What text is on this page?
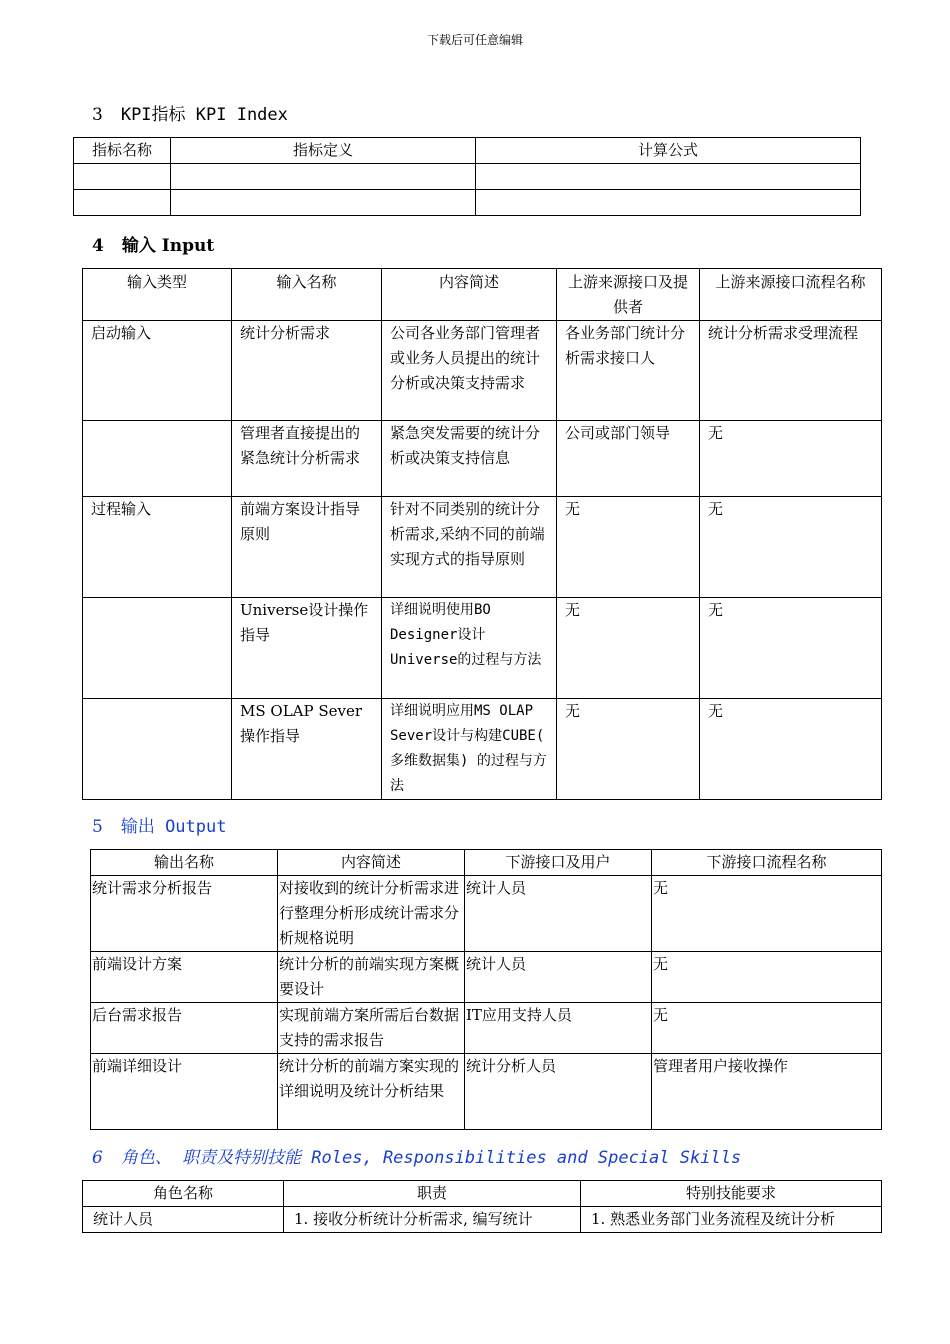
下载后可任意编辑
3 KPI指标 KPI Index
指标名称	指标定义	计算公式

4 输入 Input
输入类型	输入名称	内容简述	上游来源接口及提供者	上游来源接口流程名称
启动输入	统计分析需求	公司各业务部门管理者或业务人员提出的统计分析或决策支持需求	各业务部门统计分析需求接口人	统计分析需求受理流程
	管理者直接提出的紧急统计分析需求	紧急突发需要的统计分析或决策支持信息	公司或部门领导	无
过程输入	前端方案设计指导原则	针对不同类别的统计分析需求,采纳不同的前端实现方式的指导原则	无	无
	Universe设计操作指导	详细说明使用BO Designer设计Universe的过程与方法	无	无
	MS OLAP Sever操作指导	详细说明应用MS OLAP Sever设计与构建CUBE( 多维数据集) 的过程与方法	无	无
5 输出 Output
输出名称	内容简述	下游接口及用户	下游接口流程名称
统计需求分析报告	对接收到的统计分析需求进行整理分析形成统计需求分析规格说明	统计人员	无
前端设计方案	统计分析的前端实现方案概要设计	统计人员	无
后台需求报告	实现前端方案所需后台数据支持的需求报告	IT应用支持人员	无
前端详细设计	统计分析的前端方案实现的详细说明及统计分析结果	统计分析人员	管理者用户接收操作
6 角色、 职责及特别技能 Roles, Responsibilities and Special Skills
角色名称	职责	特别技能要求
统计人员	1. 接收分析统计分析需求, 编写统计	1. 熟悉业务部门业务流程及统计分析
